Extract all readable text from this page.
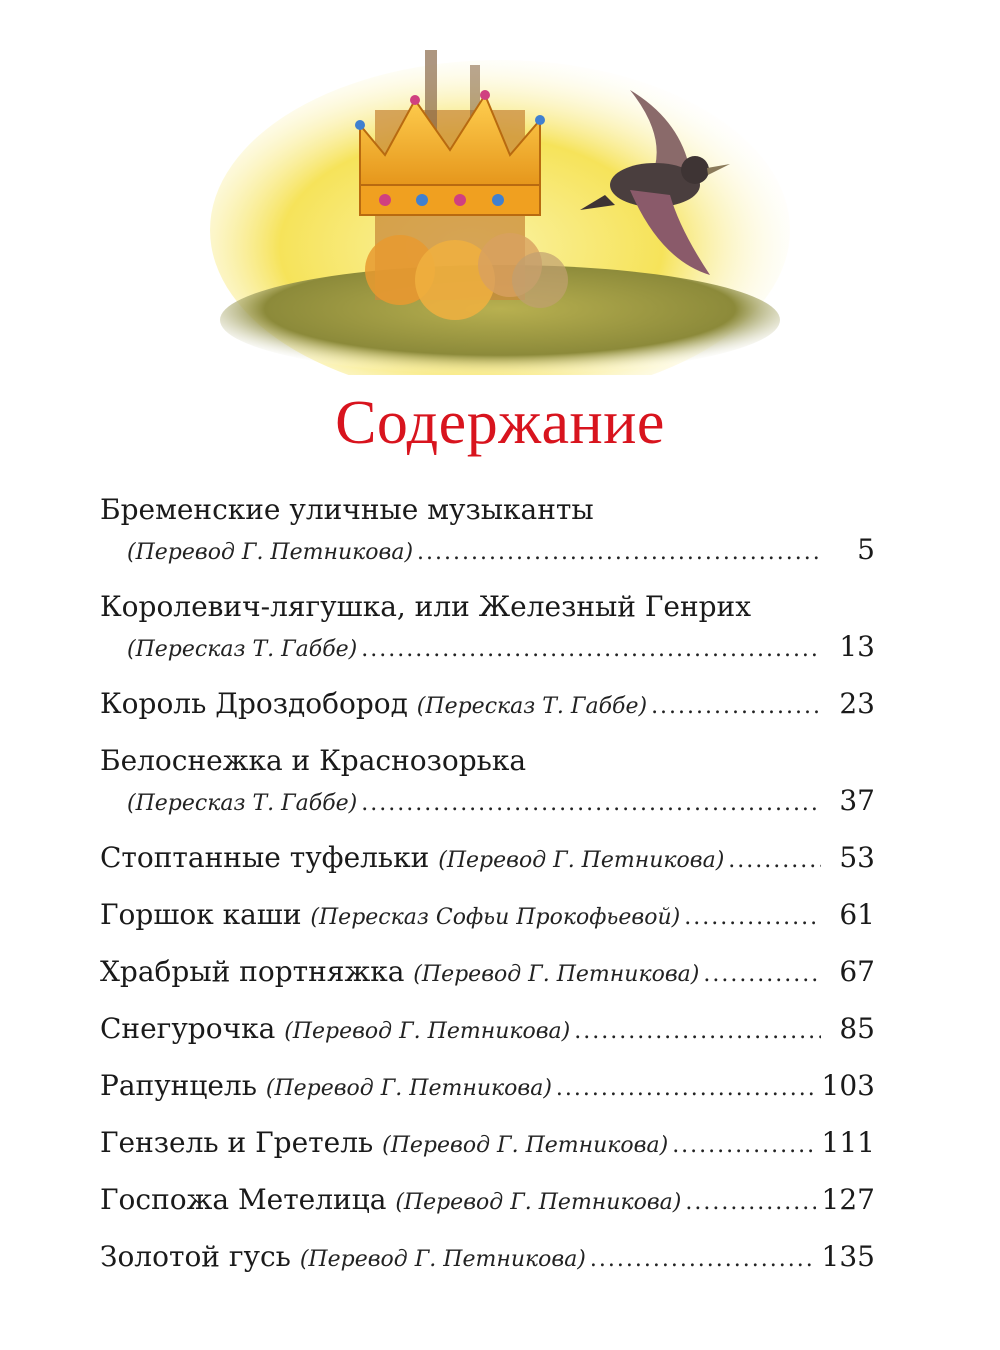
Содержание
Бременские уличные музыканты
(Перевод Г. Петникова) .....	5
Королевич-лягушка, или Железный Генрих
(Пересказ Т. Габбе) .....	13
Король Дроздобород
(Пересказ Т. Габбе) .....	23
Белоснежка и Краснозорька
(Пересказ Т. Габбе) .....	37
Стоптанные туфельки
(Перевод Г. Петникова) .....	53
Горшок каши
(Пересказ Софьи Прокофьевой) .....	61
Храбрый портняжка
(Перевод Г. Петникова) .....	67
Снегурочка
(Перевод Г. Петникова) .....	85
Рапунцель
(Перевод Г. Петникова) .....	103
Гензель и Гретель
(Перевод Г. Петникова) .....	111
Госпожа Метелица
(Перевод Г. Петникова) .....	127
Золотой гусь
(Перевод Г. Петникова) .....	135
